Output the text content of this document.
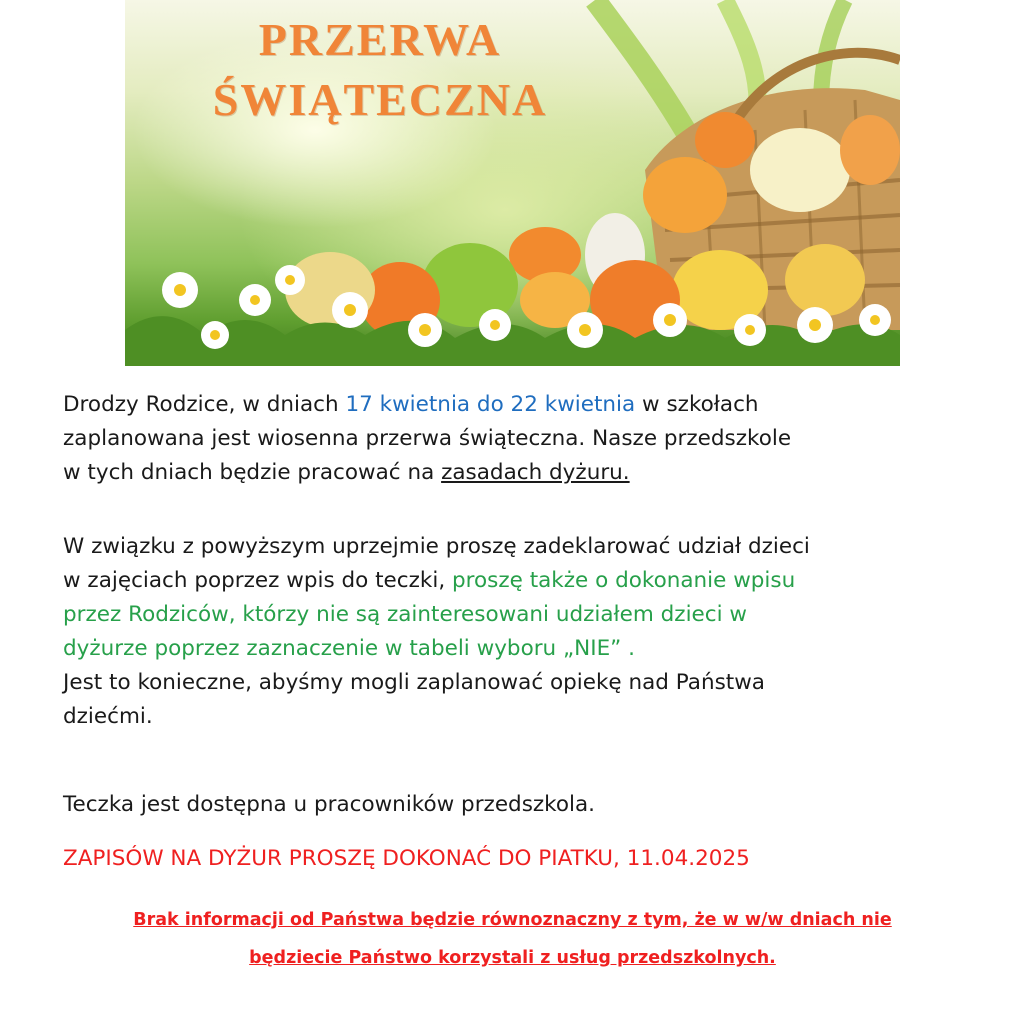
PRZERWA
ŚWIĄTECZNA
Drodzy Rodzice, w dniach 17 kwietnia do 22 kwietnia w szkołach
zaplanowana jest wiosenna przerwa świąteczna. Nasze przedszkole
w tych dniach będzie pracować na zasadach dyżuru.
W związku z powyższym uprzejmie proszę zadeklarować udział dzieci
w zajęciach poprzez wpis do teczki, proszę także o dokonanie wpisu
przez Rodziców, którzy nie są zainteresowani udziałem dzieci w
dyżurze poprzez zaznaczenie w tabeli wyboru „NIE” .
Jest to konieczne, abyśmy mogli zaplanować opiekę nad Państwa
dziećmi.
Teczka jest dostępna u pracowników przedszkola.
ZAPISÓW NA DYŻUR PROSZĘ DOKONAĆ DO PIATKU, 11.04.2025
Brak informacji od Państwa będzie równoznaczny z tym, że w w/w dniach nie
będziecie Państwo korzystali z usług przedszkolnych.
